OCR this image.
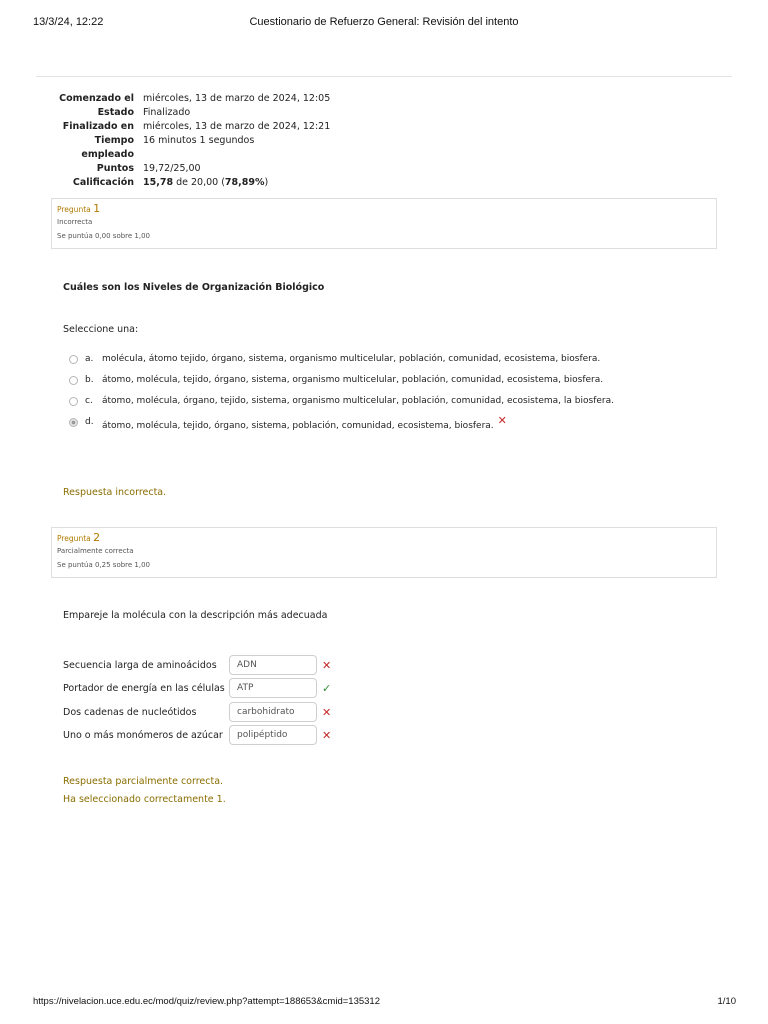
13/3/24, 12:22	Cuestionario de Refuerzo General: Revisión del intento
Comenzado el miércoles, 13 de marzo de 2024, 12:05
Estado Finalizado
Finalizado en miércoles, 13 de marzo de 2024, 12:21
Tiempo 16 minutos 1 segundos
empleado
Puntos 19,72/25,00
Calificación 15,78 de 20,00 (78,89%)
Pregunta 1
Incorrecta
Se puntúa 0,00 sobre 1,00
Cuáles son los Niveles de Organización Biológico
Seleccione una:
a. molécula, átomo tejido, órgano, sistema, organismo multicelular, población, comunidad, ecosistema, biosfera.
b. átomo, molécula, tejido, órgano, sistema, organismo multicelular, población, comunidad, ecosistema, biosfera.
c.	átomo, molécula, órgano, tejido, sistema, organismo multicelular, población, comunidad, ecosistema, la biosfera.
d. átomo, molécula, tejido, órgano, sistema, población, comunidad, ecosistema, biosfera. ✕
Respuesta incorrecta.
Pregunta 2
Parcialmente correcta
Se puntúa 0,25 sobre 1,00
Empareje la molécula con la descripción más adecuada
Secuencia larga de aminoácidos	ADN	✕
Portador de energía en las células	ATP	✓
Dos cadenas de nucleótidos	carbohidrato	✕
Uno o más monómeros de azúcar	polipéptido	✕
Respuesta parcialmente correcta.
Ha seleccionado correctamente 1.
https://nivelacion.uce.edu.ec/mod/quiz/review.php?attempt=188653&cmid=135312	1/10
